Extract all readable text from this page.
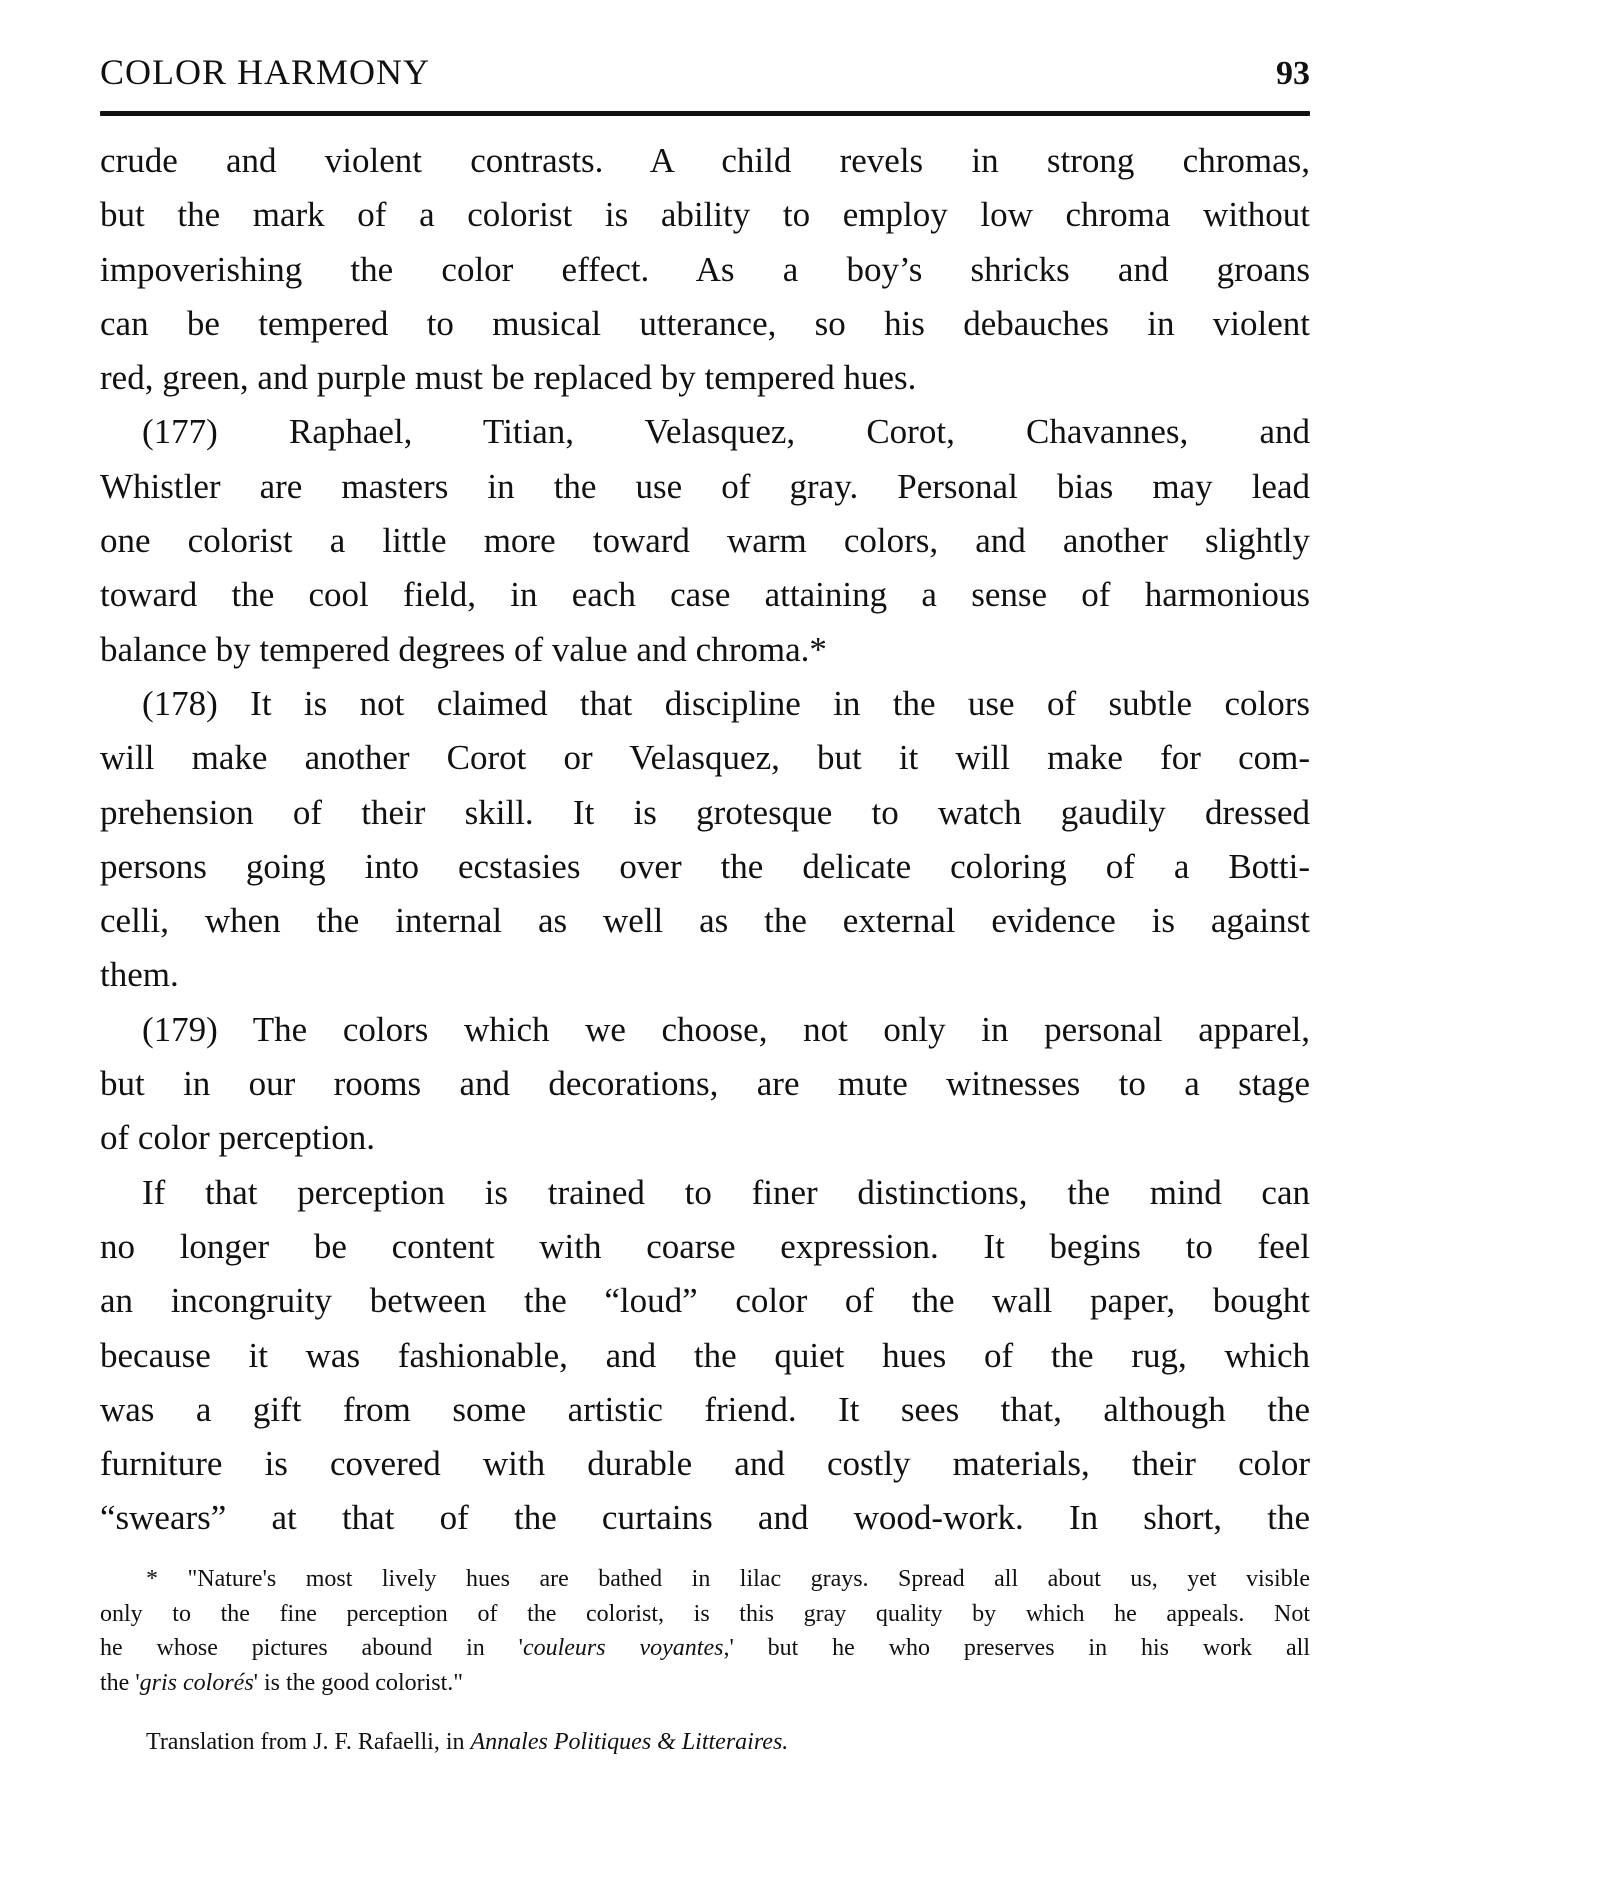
COLOR HARMONY	93
crude and violent contrasts. A child revels in strong chromas,
but the mark of a colorist is ability to employ low chroma without
impoverishing the color effect. As a boy’s shricks and groans
can be tempered to musical utterance, so his debauches in violent
red, green, and purple must be replaced by tempered hues.
(177) Raphael, Titian, Velasquez, Corot, Chavannes, and
Whistler are masters in the use of gray. Personal bias may lead
one colorist a little more toward warm colors, and another slightly
toward the cool field, in each case attaining a sense of harmonious
balance by tempered degrees of value and chroma.*
(178) It is not claimed that discipline in the use of subtle colors
will make another Corot or Velasquez, but it will make for com-
prehension of their skill. It is grotesque to watch gaudily dressed
persons going into ecstasies over the delicate coloring of a Botti-
celli, when the internal as well as the external evidence is against
them.
(179) The colors which we choose, not only in personal apparel,
but in our rooms and decorations, are mute witnesses to a stage
of color perception.
If that perception is trained to finer distinctions, the mind can
no longer be content with coarse expression. It begins to feel
an incongruity between the “loud” color of the wall paper, bought
because it was fashionable, and the quiet hues of the rug, which
was a gift from some artistic friend. It sees that, although the
furniture is covered with durable and costly materials, their color
“swears” at that of the curtains and wood-work. In short, the
* "Nature's most lively hues are bathed in lilac grays. Spread all about us, yet visible
only to the fine perception of the colorist, is this gray quality by which he appeals. Not
he whose pictures abound in 'couleurs voyantes,' but he who preserves in his work all
the 'gris colorés' is the good colorist."
Translation from J. F. Rafaelli, in Annales Politiques & Litteraires.
